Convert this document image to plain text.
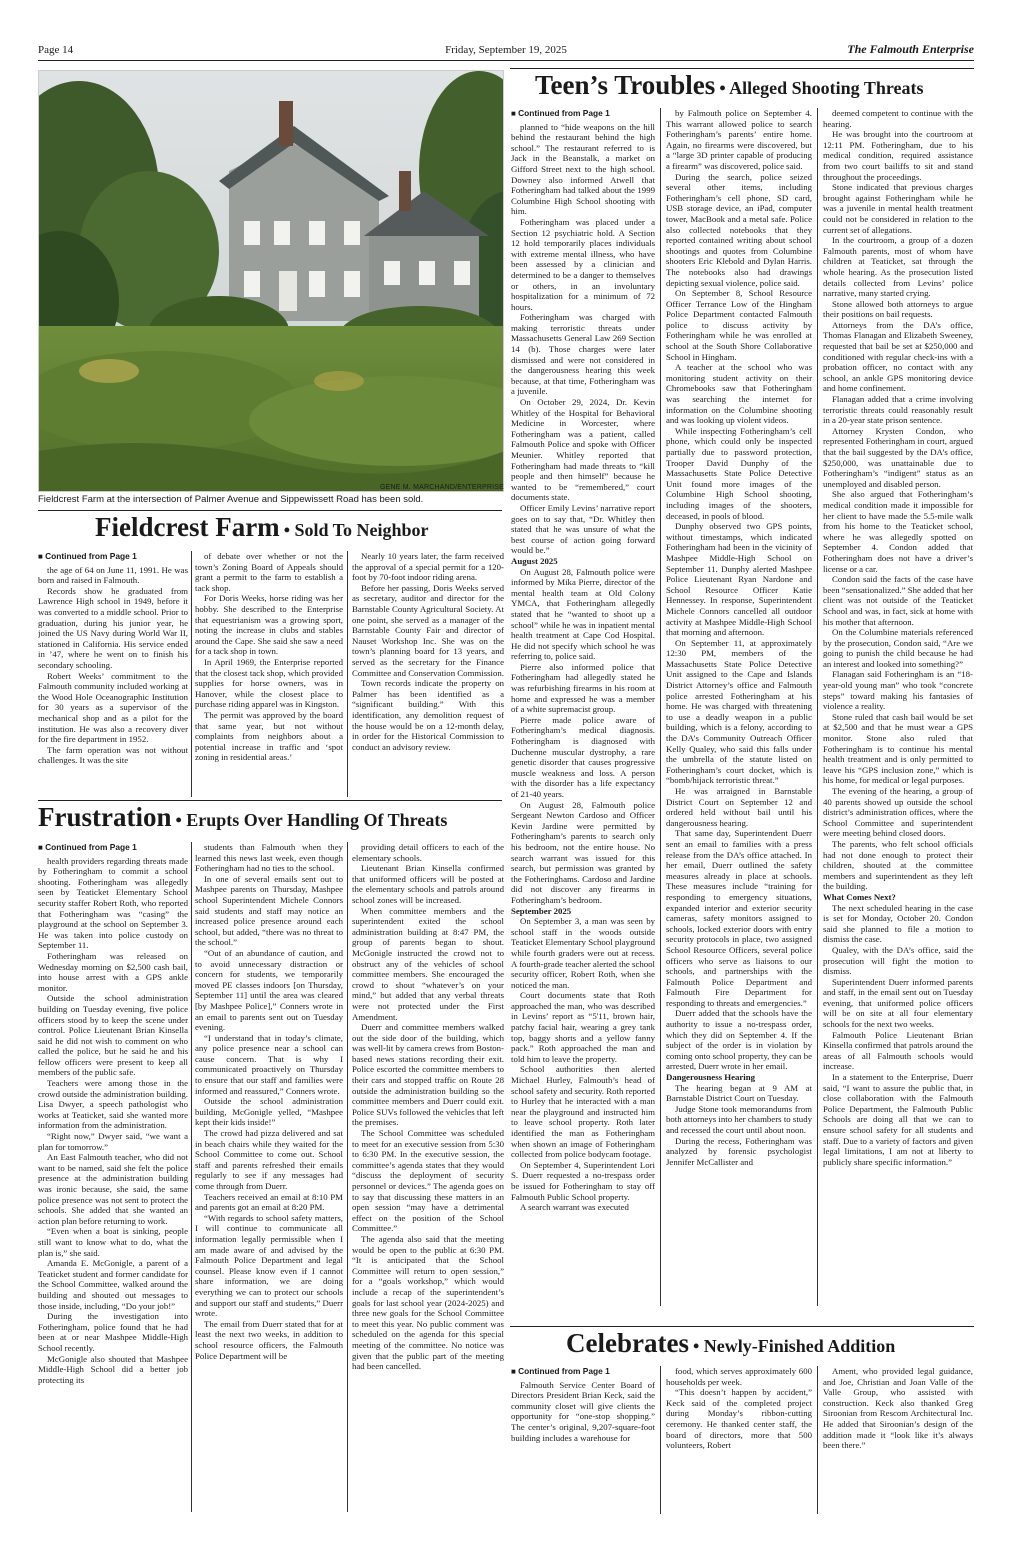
Page 14	Friday, September 19, 2025	The Falmouth Enterprise
GENE M. MARCHAND/ENTERPRISE
Fieldcrest Farm at the intersection of Palmer Avenue and Sippewissett Road has been sold.
Teen’s Troubles • Alleged Shooting Threats

■ Continued from Page 1

planned to “hide weapons on the hill behind the restaurant behind the high school.” The restaurant referred to is Jack in the Beanstalk, a market on Gifford Street next to the high school. Downey also informed Atwell that Fotheringham had talked about the 1999 Columbine High School shooting with him.

Fotheringham was placed under a Section 12 psychiatric hold. A Section 12 hold temporarily places individuals with extreme mental illness, who have been assessed by a clinician and determined to be a danger to themselves or others, in an involuntary hospitalization for a minimum of 72 hours.

Fotheringham was charged with making terroristic threats under Massachusetts General Law 269 Section 14 (b). Those charges were later dismissed and were not considered in the dangerousness hearing this week because, at that time, Fotheringham was a juvenile.

On October 29, 2024, Dr. Kevin Whitley of the Hospital for Behavioral Medicine in Worcester, where Fotheringham was a patient, called Falmouth Police and spoke with Officer Meunier. Whitley reported that Fotheringham had made threats to “kill people and then himself” because he wanted to be “remembered,” court documents state.

Officer Emily Levins’ narrative report goes on to say that, “Dr. Whitley then stated that he was unsure of what the best course of action going forward would be.”

August 2025

On August 28, Falmouth police were informed by Mika Pierre, director of the mental health team at Old Colony YMCA, that Fotheringham allegedly stated that he “wanted to shoot up a school” while he was in inpatient mental health treatment at Cape Cod Hospital. He did not specify which school he was referring to, police said.

Pierre also informed police that Fotheringham had allegedly stated he was refurbishing firearms in his room at home and expressed he was a member of a white supremacist group.

Pierre made police aware of Fotheringham’s medical diagnosis. Fotheringham is diagnosed with Duchenne muscular dystrophy, a rare genetic disorder that causes progressive muscle weakness and loss. A person with the disorder has a life expectancy of 21-40 years.

On August 28, Falmouth police Sergeant Newton Cardoso and Officer Kevin Jardine were permitted by Fotheringham’s parents to search only his bedroom, not the entire house. No search warrant was issued for this search, but permission was granted by the Fotheringhams. Cardoso and Jardine did not discover any firearms in Fotheringham’s bedroom.

September 2025

On September 3, a man was seen by school staff in the woods outside Teaticket Elementary School playground while fourth graders were out at recess. A fourth-grade teacher alerted the school security officer, Robert Roth, when she noticed the man.

Court documents state that Roth approached the man, who was described in Levins’ report as “5'11, brown hair, patchy facial hair, wearing a grey tank top, baggy shorts and a yellow fanny pack.” Roth approached the man and told him to leave the property.

School authorities then alerted Michael Hurley, Falmouth’s head of school safety and security. Roth reported to Hurley that he interacted with a man near the playground and instructed him to leave school property. Roth later identified the man as Fotheringham when shown an image of Fotheringham collected from police bodycam footage.

On September 4, Superintendent Lori S. Duerr requested a no-trespass order be issued for Fotheringham to stay off Falmouth Public School property.

A search warrant was executed

by Falmouth police on September 4. This warrant allowed police to search Fotheringham’s parents’ entire home. Again, no firearms were discovered, but a “large 3D printer capable of producing a firearm” was discovered, police said.

During the search, police seized several other items, including Fotheringham’s cell phone, SD card, USB storage device, an iPad, computer tower, MacBook and a metal safe. Police also collected notebooks that they reported contained writing about school shootings and quotes from Columbine shooters Eric Klebold and Dylan Harris. The notebooks also had drawings depicting sexual violence, police said.

On September 8, School Resource Officer Terrance Low of the Hingham Police Department contacted Falmouth police to discuss activity by Fotheringham while he was enrolled at school at the South Shore Collaborative School in Hingham.

A teacher at the school who was monitoring student activity on their Chromebooks saw that Fotheringham was searching the internet for information on the Columbine shooting and was looking up violent videos.

While inspecting Fotheringham’s cell phone, which could only be inspected partially due to password protection, Trooper David Dunphy of the Massachusetts State Police Detective Unit found more images of the Columbine High School shooting, including images of the shooters, deceased, in pools of blood.

Dunphy observed two GPS points, without timestamps, which indicated Fotheringham had been in the vicinity of Mashpee Middle-High School on September 11. Dunphy alerted Mashpee Police Lieutenant Ryan Nardone and School Resource Officer Katie Hennessey. In response, Superintendent Michele Connors cancelled all outdoor activity at Mashpee Middle-High School that morning and afternoon.

On September 11, at approximately 12:30 PM, members of the Massachusetts State Police Detective Unit assigned to the Cape and Islands District Attorney’s office and Falmouth police arrested Fotheringham at his home. He was charged with threatening to use a deadly weapon in a public building, which is a felony, according to the DA’s Community Outreach Officer Kelly Qualey, who said this falls under the umbrella of the statute listed on Fotheringham’s court docket, which is “bomb/hijack terroristic threat.”

He was arraigned in Barnstable District Court on September 12 and ordered held without bail until his dangerousness hearing.

That same day, Superintendent Duerr sent an email to families with a press release from the DA’s office attached. In her email, Duerr outlined the safety measures already in place at schools. These measures include “training for responding to emergency situations, expanded interior and exterior security cameras, safety monitors assigned to schools, locked exterior doors with entry security protocols in place, two assigned School Resource Officers, several police officers who serve as liaisons to our schools, and partnerships with the Falmouth Police Department and Falmouth Fire Department for responding to threats and emergencies.”

Duerr added that the schools have the authority to issue a no-trespass order, which they did on September 4. If the subject of the order is in violation by coming onto school property, they can be arrested, Duerr wrote in her email.

Dangerousness Hearing

The hearing began at 9 AM at Barnstable District Court on Tuesday.

Judge Stone took memorandums from both attorneys into her chambers to study and recessed the court until about noon.

During the recess, Fotheringham was analyzed by forensic psychologist Jennifer McCallister and

deemed competent to continue with the hearing.

He was brought into the courtroom at 12:11 PM. Fotheringham, due to his medical condition, required assistance from two court bailiffs to sit and stand throughout the proceedings.

Stone indicated that previous charges brought against Fotheringham while he was a juvenile in mental health treatment could not be considered in relation to the current set of allegations.

In the courtroom, a group of a dozen Falmouth parents, most of whom have children at Teaticket, sat through the whole hearing. As the prosecution listed details collected from Levins’ police narrative, many started crying.

Stone allowed both attorneys to argue their positions on bail requests.

Attorneys from the DA’s office, Thomas Flanagan and Elizabeth Sweeney, requested that bail be set at $250,000 and conditioned with regular check-ins with a probation officer, no contact with any school, an ankle GPS monitoring device and home confinement.

Flanagan added that a crime involving terroristic threats could reasonably result in a 20-year state prison sentence.

Attorney Krysten Condon, who represented Fotheringham in court, argued that the bail suggested by the DA’s office, $250,000, was unattainable due to Fotheringham’s “indigent” status as an unemployed and disabled person.

She also argued that Fotheringham’s medical condition made it impossible for her client to have made the 5.5-mile walk from his home to the Teaticket school, where he was allegedly spotted on September 4. Condon added that Fotheringham does not have a driver’s license or a car.

Condon said the facts of the case have been “sensationalized.” She added that her client was not outside of the Teaticket School and was, in fact, sick at home with his mother that afternoon.

On the Columbine materials referenced by the prosecution, Condon said, “Are we going to punish the child because he had an interest and looked into something?”

Flanagan said Fotheringham is an “18-year-old young man” who took “concrete steps” toward making his fantasies of violence a reality.

Stone ruled that cash bail would be set at $2,500 and that he must wear a GPS monitor. Stone also ruled that Fotheringham is to continue his mental health treatment and is only permitted to leave his “GPS inclusion zone,” which is his home, for medical or legal purposes.

The evening of the hearing, a group of 40 parents showed up outside the school district’s administration offices, where the School Committee and superintendent were meeting behind closed doors.

The parents, who felt school officials had not done enough to protect their children, shouted at the committee members and superintendent as they left the building.

What Comes Next?

The next scheduled hearing in the case is set for Monday, October 20. Condon said she planned to file a motion to dismiss the case.

Qualey, with the DA’s office, said the prosecution will fight the motion to dismiss.

Superintendent Duerr informed parents and staff, in the email sent out on Tuesday evening, that uniformed police officers will be on site at all four elementary schools for the next two weeks.

Falmouth Police Lieutenant Brian Kinsella confirmed that patrols around the areas of all Falmouth schools would increase.

In a statement to the Enterprise, Duerr said, “I want to assure the public that, in close collaboration with the Falmouth Police Department, the Falmouth Public Schools are doing all that we can to ensure school safety for all students and staff. Due to a variety of factors and given legal limitations, I am not at liberty to publicly share specific information.”

Fieldcrest Farm • Sold To Neighbor

■ Continued from Page 1

the age of 64 on June 11, 1991. He was born and raised in Falmouth.

Records show he graduated from Lawrence High school in 1949, before it was converted to a middle school. Prior to graduation, during his junior year, he joined the US Navy during World War II, stationed in California. His service ended in ’47, where he went on to finish his secondary schooling.

Robert Weeks’ commitment to the Falmouth community included working at the Wood Hole Oceanographic Institution for 30 years as a supervisor of the mechanical shop and as a pilot for the institution. He was also a recovery diver for the fire department in 1952.

The farm operation was not without challenges. It was the site

of debate over whether or not the town’s Zoning Board of Appeals should grant a permit to the farm to establish a tack shop.

For Doris Weeks, horse riding was her hobby. She described to the Enterprise that equestrianism was a growing sport, noting the increase in clubs and stables around the Cape. She said she saw a need for a tack shop in town.

In April 1969, the Enterprise reported that the closest tack shop, which provided supplies for horse owners, was in Hanover, while the closest place to purchase riding apparel was in Kingston.

The permit was approved by the board that same year, but not without complaints from neighbors about a potential increase in traffic and ‘spot zoning in residential areas.’

Nearly 10 years later, the farm received the approval of a special permit for a 120-foot by 70-foot indoor riding arena.

Before her passing, Doris Weeks served as secretary, auditor and director for the Barnstable County Agricultural Society. At one point, she served as a manager of the Barnstable County Fair and director of Nauset Workshop Inc. She was on the town’s planning board for 13 years, and served as the secretary for the Finance Committee and Conservation Commission.

Town records indicate the property on Palmer has been identified as a “significant building.” With this identification, any demolition request of the house would be on a 12-month delay, in order for the Historical Commission to conduct an advisory review.

Frustration • Erupts Over Handling Of Threats

■ Continued from Page 1

health providers regarding threats made by Fotheringham to commit a school shooting. Fotheringham was allegedly seen by Teaticket Elementary School security staffer Robert Roth, who reported that Fotheringham was “casing” the playground at the school on September 3. He was taken into police custody on September 11.

Fotheringham was released on Wednesday morning on $2,500 cash bail, into house arrest with a GPS ankle monitor.

Outside the school administration building on Tuesday evening, five police officers stood by to keep the scene under control. Police Lieutenant Brian Kinsella said he did not wish to comment on who called the police, but he said he and his fellow officers were present to keep all members of the public safe.

Teachers were among those in the crowd outside the administration building. Lisa Dwyer, a speech pathologist who works at Teaticket, said she wanted more information from the administration.

“Right now,” Dwyer said, “we want a plan for tomorrow.”

An East Falmouth teacher, who did not want to be named, said she felt the police presence at the administration building was ironic because, she said, the same police presence was not sent to protect the schools. She added that she wanted an action plan before returning to work.

“Even when a boat is sinking, people still want to know what to do, what the plan is,” she said.

Amanda E. McGonigle, a parent of a Teaticket student and former candidate for the School Committee, walked around the building and shouted out messages to those inside, including, “Do your job!”

During the investigation into Fotheringham, police found that he had been at or near Mashpee Middle-High School recently.

McGonigle also shouted that Mashpee Middle-High School did a better job protecting its

students than Falmouth when they learned this news last week, even though Fotheringham had no ties to the school.

In one of several emails sent out to Mashpee parents on Thursday, Mashpee school Superintendent Michele Connors said students and staff may notice an increased police presence around each school, but added, “there was no threat to the school.”

“Out of an abundance of caution, and to avoid unnecessary distraction or concern for students, we temporarily moved PE classes indoors [on Thursday, September 11] until the area was cleared [by Mashpee Police],” Conners wrote in an email to parents sent out on Tuesday evening.

“I understand that in today’s climate, any police presence near a school can cause concern. That is why I communicated proactively on Thursday to ensure that our staff and families were informed and reassured,” Conners wrote.

Outside the school administration building, McGonigle yelled, “Mashpee kept their kids inside!”

The crowd had pizza delivered and sat in beach chairs while they waited for the School Committee to come out. School staff and parents refreshed their emails regularly to see if any messages had come through from Duerr.

Teachers received an email at 8:10 PM and parents got an email at 8:20 PM.

“With regards to school safety matters, I will continue to communicate all information legally permissible when I am made aware of and advised by the Falmouth Police Department and legal counsel. Please know even if I cannot share information, we are doing everything we can to protect our schools and support our staff and students,” Duerr wrote.

The email from Duerr stated that for at least the next two weeks, in addition to school resource officers, the Falmouth Police Department will be

providing detail officers to each of the elementary schools.

Lieutenant Brian Kinsella confirmed that uniformed officers will be posted at the elementary schools and patrols around school zones will be increased.

When committee members and the superintendent exited the school administration building at 8:47 PM, the group of parents began to shout. McGonigle instructed the crowd not to obstruct any of the vehicles of school committee members. She encouraged the crowd to shout “whatever’s on your mind,” but added that any verbal threats were not protected under the First Amendment.

Duerr and committee members walked out the side door of the building, which was well-lit by camera crews from Boston-based news stations recording their exit. Police escorted the committee members to their cars and stopped traffic on Route 28 outside the administration building so the committee members and Duerr could exit. Police SUVs followed the vehicles that left the premises.

The School Committee was scheduled to meet for an executive session from 5:30 to 6:30 PM. In the executive session, the committee’s agenda states that they would “discuss the deployment of security personnel or devices.” The agenda goes on to say that discussing these matters in an open session “may have a detrimental effect on the position of the School Committee.”

The agenda also said that the meeting would be open to the public at 6:30 PM. “It is anticipated that the School Committee will return to open session,” for a “goals workshop,” which would include a recap of the superintendent’s goals for last school year (2024-2025) and three new goals for the School Committee to meet this year. No public comment was scheduled on the agenda for this special meeting of the committee. No notice was given that the public part of the meeting had been cancelled.

Celebrates • Newly-Finished Addition

■ Continued from Page 1

Falmouth Service Center Board of Directors President Brian Keck, said the community closet will give clients the opportunity for “one-stop shopping.” The center’s original, 9,207-square-foot building includes a warehouse for

food, which serves approximately 600 households per week.

“This doesn’t happen by accident,” Keck said of the completed project during Monday’s ribbon-cutting ceremony. He thanked center staff, the board of directors, more that 500 volunteers, Robert

Ament, who provided legal guidance, and Joe, Christian and Joan Valle of the Valle Group, who assisted with construction. Keck also thanked Greg Siroonian from Rescom Architectural Inc. He added that Siroonian’s design of the addition made it “look like it’s always been there.”
